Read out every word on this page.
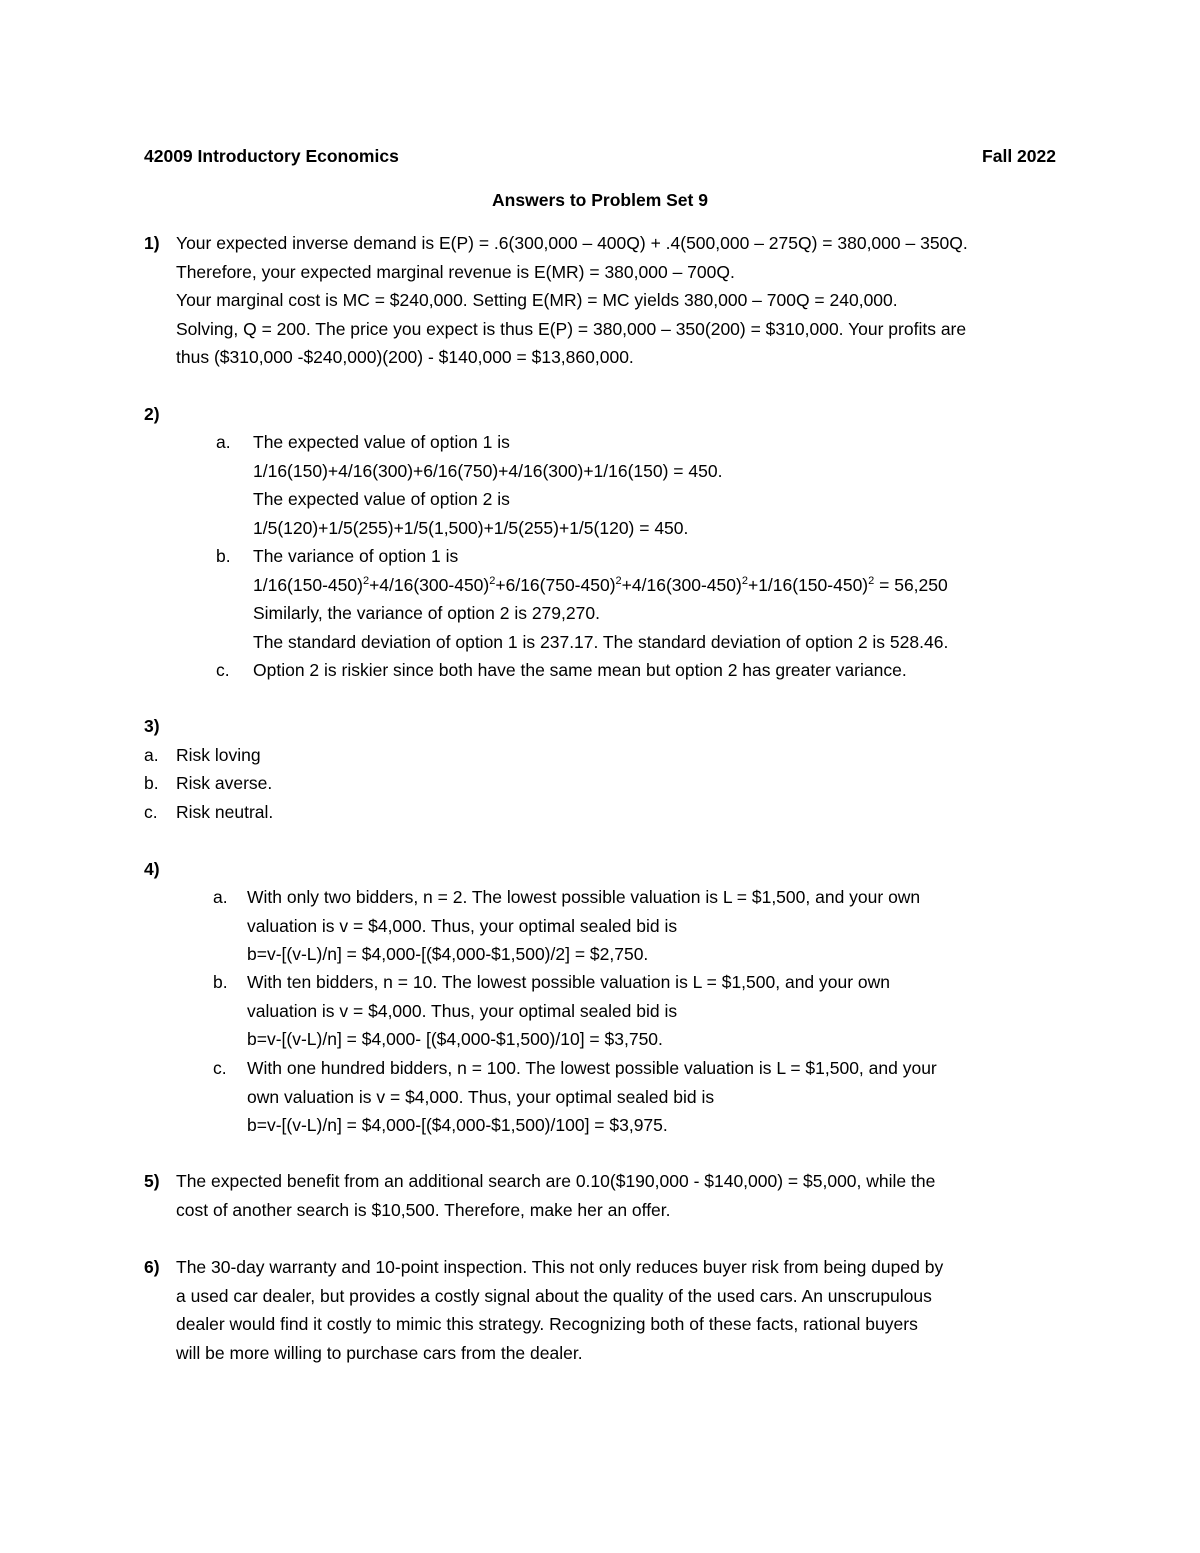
42009 Introductory Economics	Fall 2022
Answers to Problem Set 9
1) Your expected inverse demand is E(P) = .6(300,000 – 400Q) + .4(500,000 – 275Q) = 380,000 – 350Q.
Therefore, your expected marginal revenue is E(MR) = 380,000 – 700Q.
Your marginal cost is MC = $240,000. Setting E(MR) = MC yields 380,000 – 700Q = 240,000.
Solving, Q = 200. The price you expect is thus E(P) = 380,000 – 350(200) = $310,000. Your profits are
thus ($310,000 -$240,000)(200) - $140,000 = $13,860,000.
2)
a. The expected value of option 1 is
1/16(150)+4/16(300)+6/16(750)+4/16(300)+1/16(150) = 450.
The expected value of option 2 is
1/5(120)+1/5(255)+1/5(1,500)+1/5(255)+1/5(120) = 450.
b. The variance of option 1 is
$1/16(150-450)^2+4/16(300-450)^2+6/16(750-450)^2+4/16(300-450)^2+1/16(150-450)^2 = 56,250$
Similarly, the variance of option 2 is 279,270.
The standard deviation of option 1 is 237.17. The standard deviation of option 2 is 528.46.
c. Option 2 is riskier since both have the same mean but option 2 has greater variance.
3)
a. Risk loving
b. Risk averse.
c. Risk neutral.
4)
a. With only two bidders, n = 2. The lowest possible valuation is L = $1,500, and your own
valuation is v = $4,000. Thus, your optimal sealed bid is
b=v-[(v-L)/n] = $4,000-[($4,000-$1,500)/2] = $2,750.
b. With ten bidders, n = 10. The lowest possible valuation is L = $1,500, and your own
valuation is v = $4,000. Thus, your optimal sealed bid is
b=v-[(v-L)/n] = $4,000- [($4,000-$1,500)/10] = $3,750.
c. With one hundred bidders, n = 100. The lowest possible valuation is L = $1,500, and your
own valuation is v = $4,000. Thus, your optimal sealed bid is
b=v-[(v-L)/n] = $4,000-[($4,000-$1,500)/100] = $3,975.
5) The expected benefit from an additional search are 0.10($190,000 - $140,000) = $5,000, while the
cost of another search is $10,500. Therefore, make her an offer.
6) The 30-day warranty and 10-point inspection. This not only reduces buyer risk from being duped by
a used car dealer, but provides a costly signal about the quality of the used cars. An unscrupulous
dealer would find it costly to mimic this strategy. Recognizing both of these facts, rational buyers
will be more willing to purchase cars from the dealer.
